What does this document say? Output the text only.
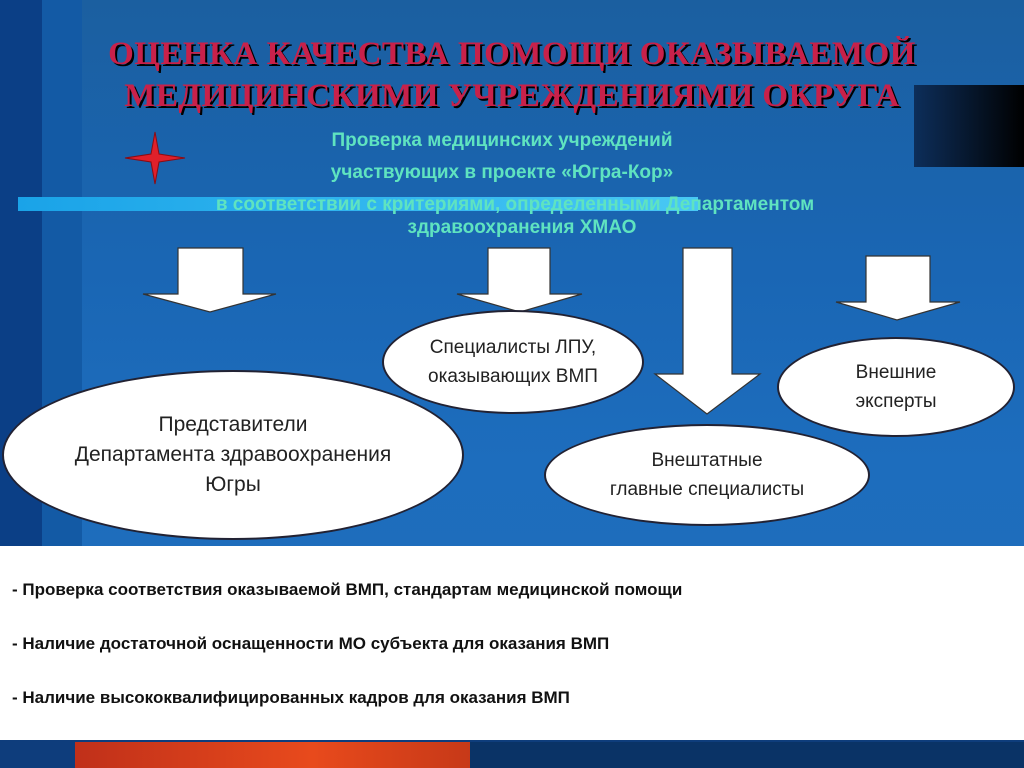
ОЦЕНКА КАЧЕСТВА ПОМОЩИ ОКАЗЫВАЕМОЙ
МЕДИЦИНСКИМИ УЧРЕЖДЕНИЯМИ ОКРУГА
Проверка медицинских учреждений
участвующих в проекте «Югра-Кор»
в соответствии с критериями, определенными Департаментом
здравоохранения ХМАО
Представители
Департамента здравоохранения
Югры
Специалисты ЛПУ,
оказывающих ВМП	Внешние
эксперты
Внештатные
главные специалисты
- Проверка соответствия оказываемой ВМП, стандартам медицинской помощи
- Наличие достаточной оснащенности МО субъекта для оказания ВМП
- Наличие высококвалифицированных кадров для оказания ВМП
